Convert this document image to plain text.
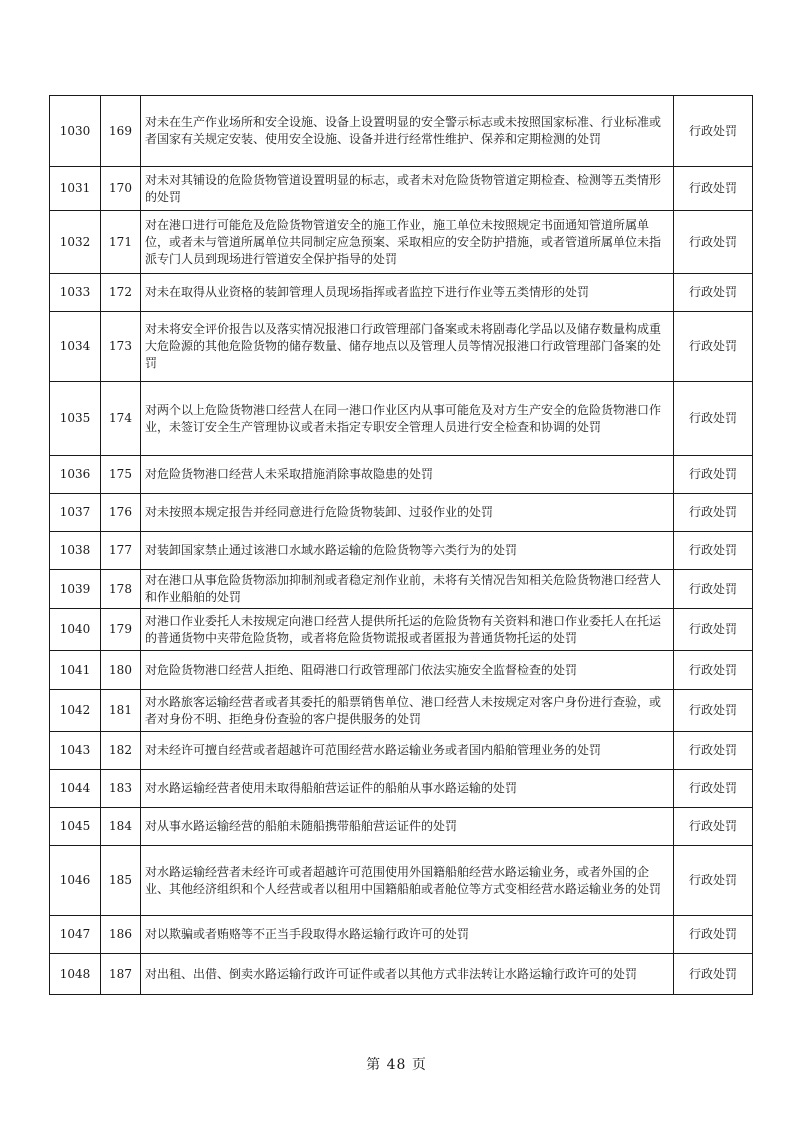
1030	169	对未在生产作业场所和安全设施、设备上设置明显的安全警示标志或未按照国家标准、行业标准或者国家有关规定安装、使用安全设施、设备并进行经常性维护、保养和定期检测的处罚	行政处罚
1031	170	对未对其铺设的危险货物管道设置明显的标志，或者未对危险货物管道定期检查、检测等五类情形的处罚	行政处罚
1032	171	对在港口进行可能危及危险货物管道安全的施工作业，施工单位未按照规定书面通知管道所属单位，或者未与管道所属单位共同制定应急预案、采取相应的安全防护措施，或者管道所属单位未指派专门人员到现场进行管道安全保护指导的处罚	行政处罚
1033	172	对未在取得从业资格的装卸管理人员现场指挥或者监控下进行作业等五类情形的处罚	行政处罚
1034	173	对未将安全评价报告以及落实情况报港口行政管理部门备案或未将剧毒化学品以及储存数量构成重大危险源的其他危险货物的储存数量、储存地点以及管理人员等情况报港口行政管理部门备案的处罚	行政处罚
1035	174	对两个以上危险货物港口经营人在同一港口作业区内从事可能危及对方生产安全的危险货物港口作业，未签订安全生产管理协议或者未指定专职安全管理人员进行安全检查和协调的处罚	行政处罚
1036	175	对危险货物港口经营人未采取措施消除事故隐患的处罚	行政处罚
1037	176	对未按照本规定报告并经同意进行危险货物装卸、过驳作业的处罚	行政处罚
1038	177	对装卸国家禁止通过该港口水域水路运输的危险货物等六类行为的处罚	行政处罚
1039	178	对在港口从事危险货物添加抑制剂或者稳定剂作业前，未将有关情况告知相关危险货物港口经营人和作业船舶的处罚	行政处罚
1040	179	对港口作业委托人未按规定向港口经营人提供所托运的危险货物有关资料和港口作业委托人在托运的普通货物中夹带危险货物，或者将危险货物谎报或者匿报为普通货物托运的处罚	行政处罚
1041	180	对危险货物港口经营人拒绝、阻碍港口行政管理部门依法实施安全监督检查的处罚	行政处罚
1042	181	对水路旅客运输经营者或者其委托的船票销售单位、港口经营人未按规定对客户身份进行查验，或者对身份不明、拒绝身份查验的客户提供服务的处罚	行政处罚
1043	182	对未经许可擅自经营或者超越许可范围经营水路运输业务或者国内船舶管理业务的处罚	行政处罚
1044	183	对水路运输经营者使用未取得船舶营运证件的船舶从事水路运输的处罚	行政处罚
1045	184	对从事水路运输经营的船舶未随船携带船舶营运证件的处罚	行政处罚
1046	185	对水路运输经营者未经许可或者超越许可范围使用外国籍船舶经营水路运输业务，或者外国的企业、其他经济组织和个人经营或者以租用中国籍船舶或者舱位等方式变相经营水路运输业务的处罚	行政处罚
1047	186	对以欺骗或者贿赂等不正当手段取得水路运输行政许可的处罚	行政处罚
1048	187	对出租、出借、倒卖水路运输行政许可证件或者以其他方式非法转让水路运输行政许可的处罚	行政处罚
第 48 页
